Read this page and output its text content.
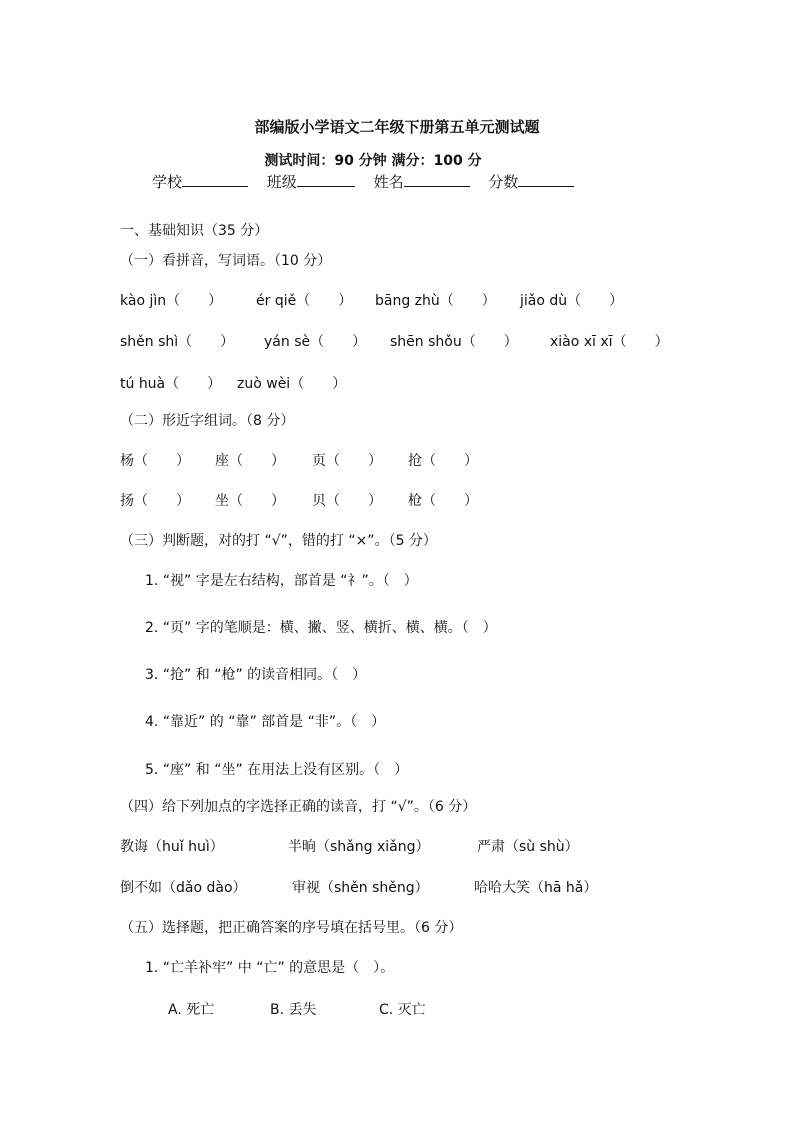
部编版小学语文二年级下册第五单元测试题
测试时间：90 分钟 满分：100 分
学校	班级	姓名	分数
一、基础知识（35 分）
（一）看拼音，写词语。（10 分）
kào jìn（　　） ér qiě（　　） bāng zhù（　　） jiǎo dù（　　）
shěn shì（　　） yán sè（　　） shēn shǒu（　　） xiào xī xī（　　）
tú huà（　　） zuò wèi（　　）
（二）形近字组词。（8 分）
杨（　　） 座（　　） 页（　　） 抢（　　）
扬（　　） 坐（　　） 贝（　　） 枪（　　）
（三）判断题，对的打 “√”，错的打 “×”。（5 分）
1. “视” 字是左右结构，部首是 “礻”。（　）
2. “页” 字的笔顺是：横、撇、竖、横折、横、横。（　）
3. “抢” 和 “枪” 的读音相同。（　）
4. “靠近” 的 “靠” 部首是 “非”。（　）
5. “座” 和 “坐” 在用法上没有区别。（　）
（四）给下列加点的字选择正确的读音，打 “√”。（6 分）
教诲（huǐ huì）	半晌（shǎng xiǎng）	严肃（sù shù）
倒不如（dǎo dào）	审视（shěn shěng）	哈哈大笑（hā hǎ）
（五）选择题，把正确答案的序号填在括号里。（6 分）
1. “亡羊补牢” 中 “亡” 的意思是（　）。
A. 死亡	B. 丢失	C. 灭亡
